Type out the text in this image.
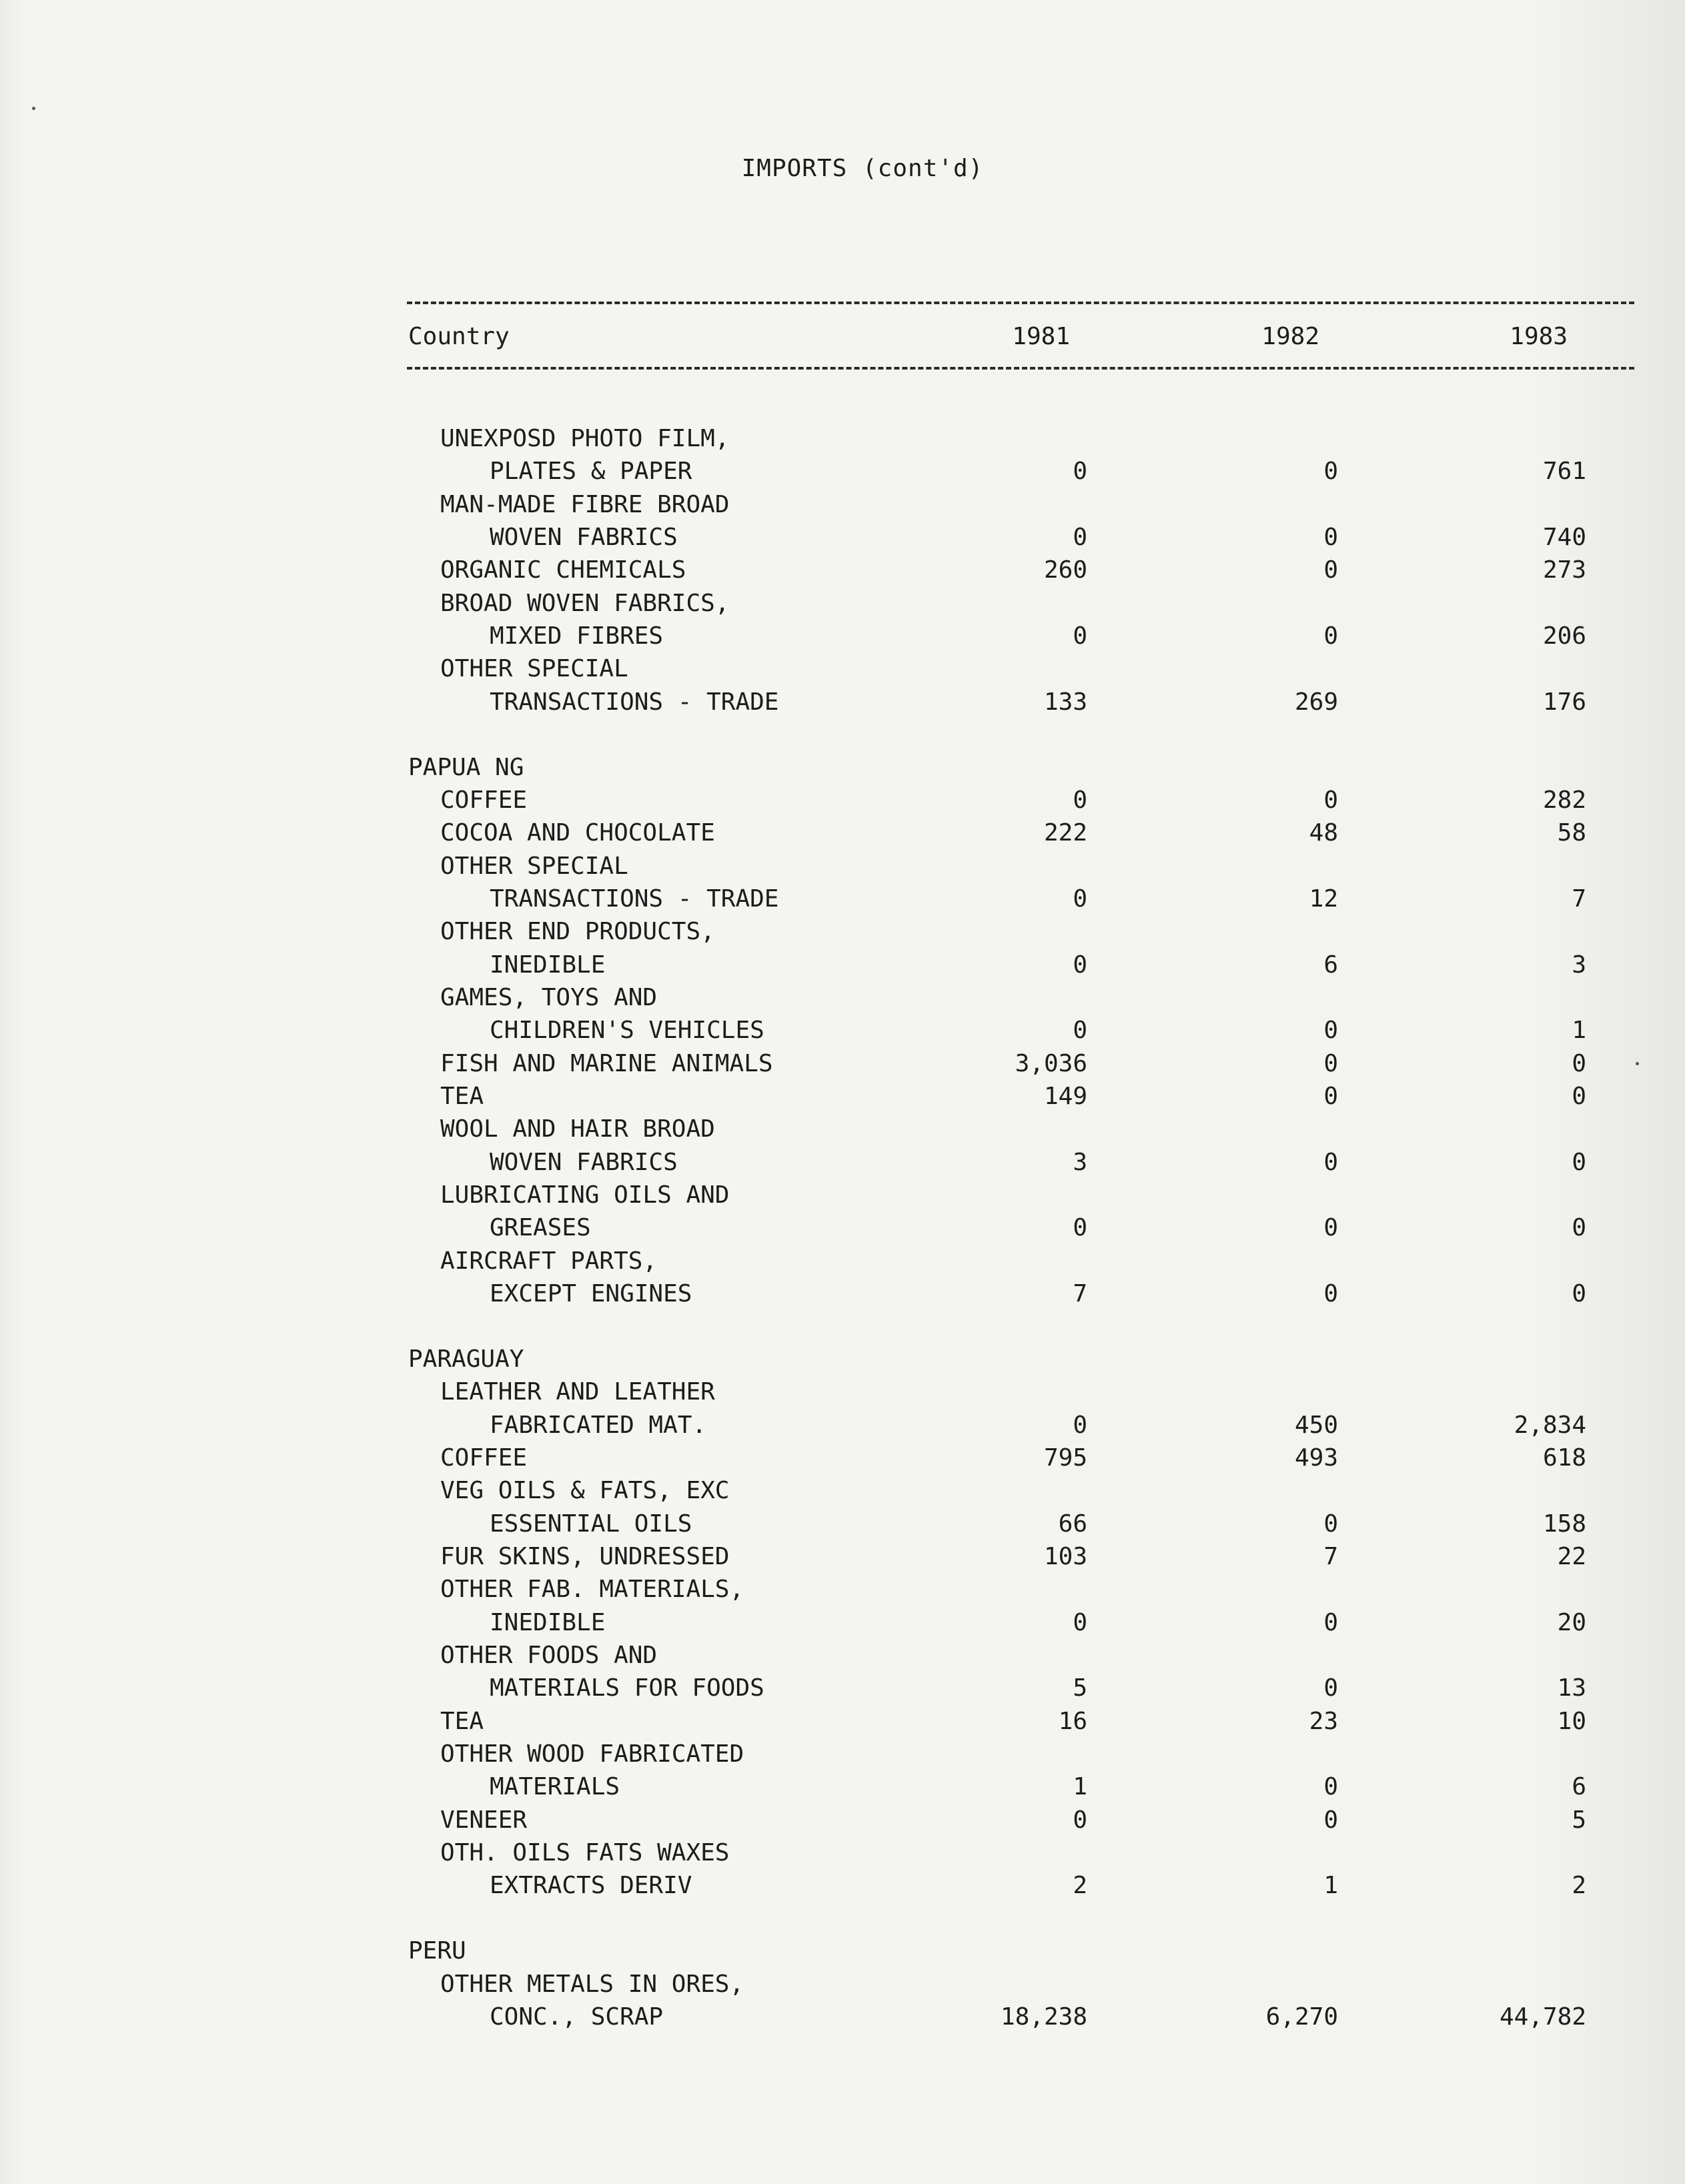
IMPORTS (cont'd)
Country	1981	1982	1983
UNEXPOSD PHOTO FILM,
PLATES & PAPER	0	0	761
MAN-MADE FIBRE BROAD
WOVEN FABRICS	0	0	740
ORGANIC CHEMICALS	260	0	273
BROAD WOVEN FABRICS,
MIXED FIBRES	0	0	206
OTHER SPECIAL
TRANSACTIONS - TRADE	133	269	176
PAPUA NG
COFFEE	0	0	282
COCOA AND CHOCOLATE	222	48	58
OTHER SPECIAL
TRANSACTIONS - TRADE	0	12	7
OTHER END PRODUCTS,
INEDIBLE	0	6	3
GAMES, TOYS AND
CHILDREN'S VEHICLES	0	0	1
FISH AND MARINE ANIMALS	3,036	0	0
TEA	149	0	0
WOOL AND HAIR BROAD
WOVEN FABRICS	3	0	0
LUBRICATING OILS AND
GREASES	0	0	0
AIRCRAFT PARTS,
EXCEPT ENGINES	7	0	0
PARAGUAY
LEATHER AND LEATHER
FABRICATED MAT.	0	450	2,834
COFFEE	795	493	618
VEG OILS & FATS, EXC
ESSENTIAL OILS	66	0	158
FUR SKINS, UNDRESSED	103	7	22
OTHER FAB. MATERIALS,
INEDIBLE	0	0	20
OTHER FOODS AND
MATERIALS FOR FOODS	5	0	13
TEA	16	23	10
OTHER WOOD FABRICATED
MATERIALS	1	0	6
VENEER	0	0	5
OTH. OILS FATS WAXES
EXTRACTS DERIV	2	1	2
PERU
OTHER METALS IN ORES,
CONC., SCRAP	18,238	6,270	44,782
